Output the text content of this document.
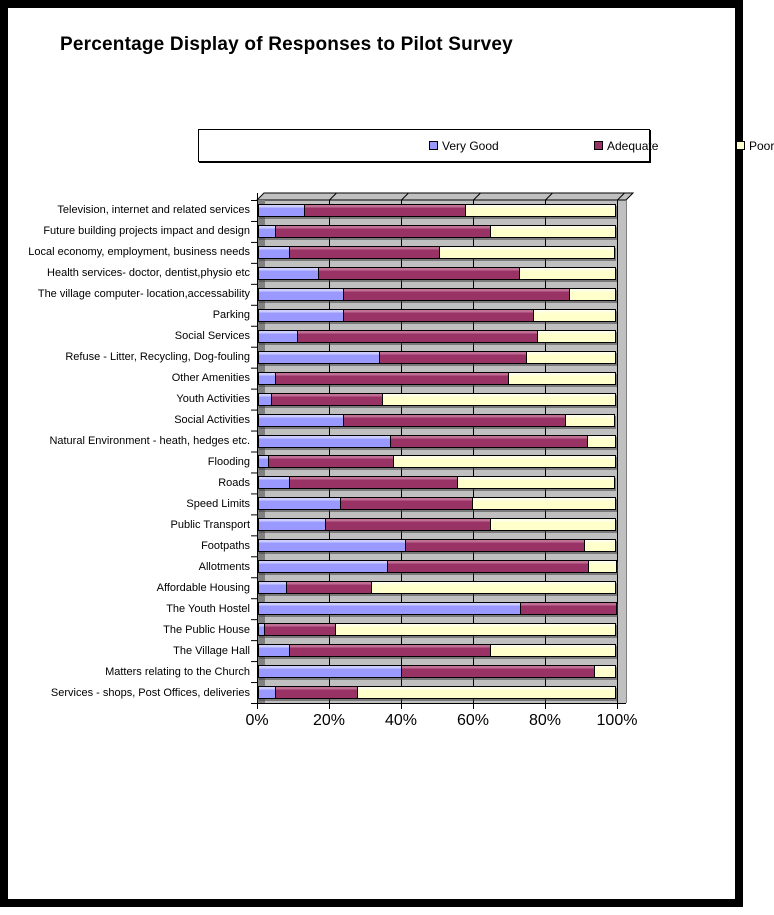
Percentage Display of Responses to Pilot Survey
Very Good	Adequate	Poor
Television, internet and related services
Future building projects impact and design
Local economy, employment, business needs
Health services- doctor, dentist,physio etc
The village computer- location,accessability
Parking
Social Services
Refuse - Litter, Recycling, Dog-fouling
Other Amenities
Youth Activities
Social Activities
Natural Environment - heath, hedges etc.
Flooding
Roads
Speed Limits
Public Transport
Footpaths
Allotments
Affordable Housing
The Youth Hostel
The Public House
The Village Hall
Matters relating to the Church
Services - shops, Post Offices, deliveries
0%	20%	40%	60%	80%	100%
